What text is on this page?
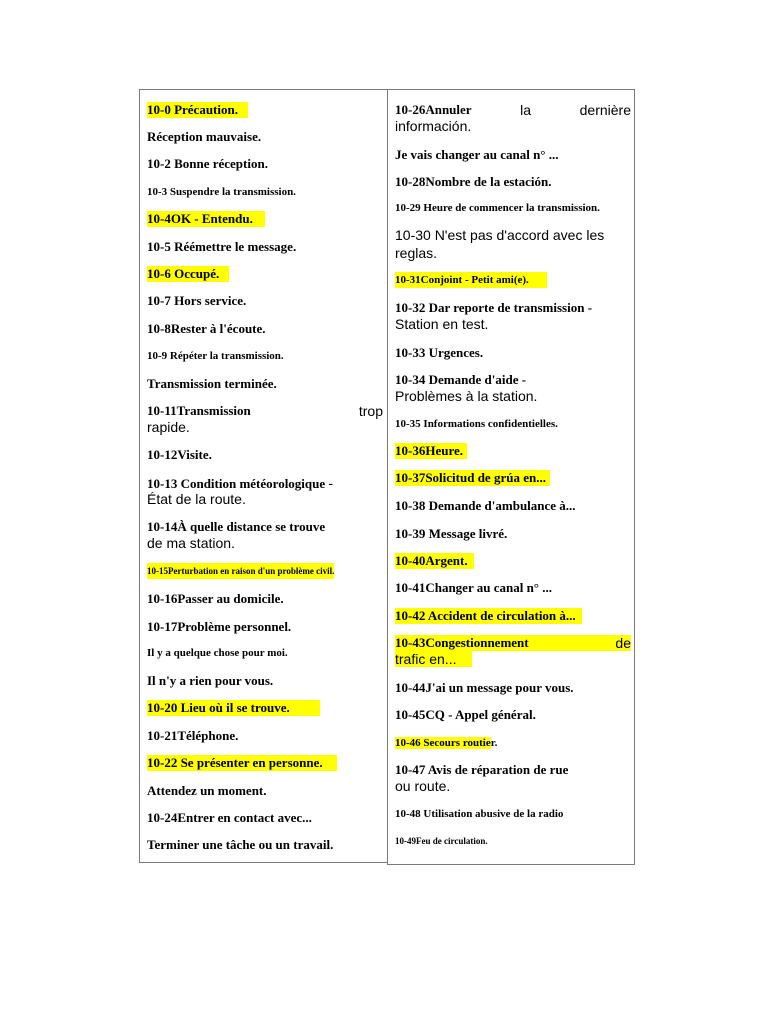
10-0 Précaution.
Réception mauvaise.
10-2 Bonne réception.
10-3 Suspendre la transmission.
10-4OK - Entendu.
10-5 Réémettre le message.
10-6 Occupé.
10-7 Hors service.
10-8Rester à l'écoute.
10-9 Répéter la transmission.
Transmission terminée.
10-11Transmission	trop
rapide.
10-12Visite.
10-13 Condition météorologique -
État de la route.
10-14À quelle distance se trouve
de ma station.
10-15Perturbation en raison d'un problème civil.
10-16Passer au domicile.
10-17Problème personnel.
Il y a quelque chose pour moi.
Il n'y a rien pour vous.
10-20 Lieu où il se trouve.
10-21Téléphone.
10-22 Se présenter en personne.
Attendez un moment.
10-24Entrer en contact avec...
Terminer une tâche ou un travail.
10-26Annuler	la	dernière
información.
Je vais changer au canal n° ...
10-28Nombre de la estación.
10-29 Heure de commencer la transmission.
10-30 N'est pas d'accord avec les
reglas.
10-31Conjoint - Petit ami(e).
10-32 Dar reporte de transmission -
Station en test.
10-33 Urgences.
10-34 Demande d'aide -
Problèmes à la station.
10-35 Informations confidentielles.
10-36Heure.
10-37Solicitud de grúa en...
10-38 Demande d'ambulance à...
10-39 Message livré.
10-40Argent.
10-41Changer au canal n° ...
10-42 Accident de circulation à...
10-43Congestionnement	de
trafic en...
10-44J'ai un message pour vous.
10-45CQ - Appel général.
10-46 Secours routier.
10-47 Avis de réparation de rue
ou route.
10-48 Utilisation abusive de la radio
10-49Feu de circulation.
